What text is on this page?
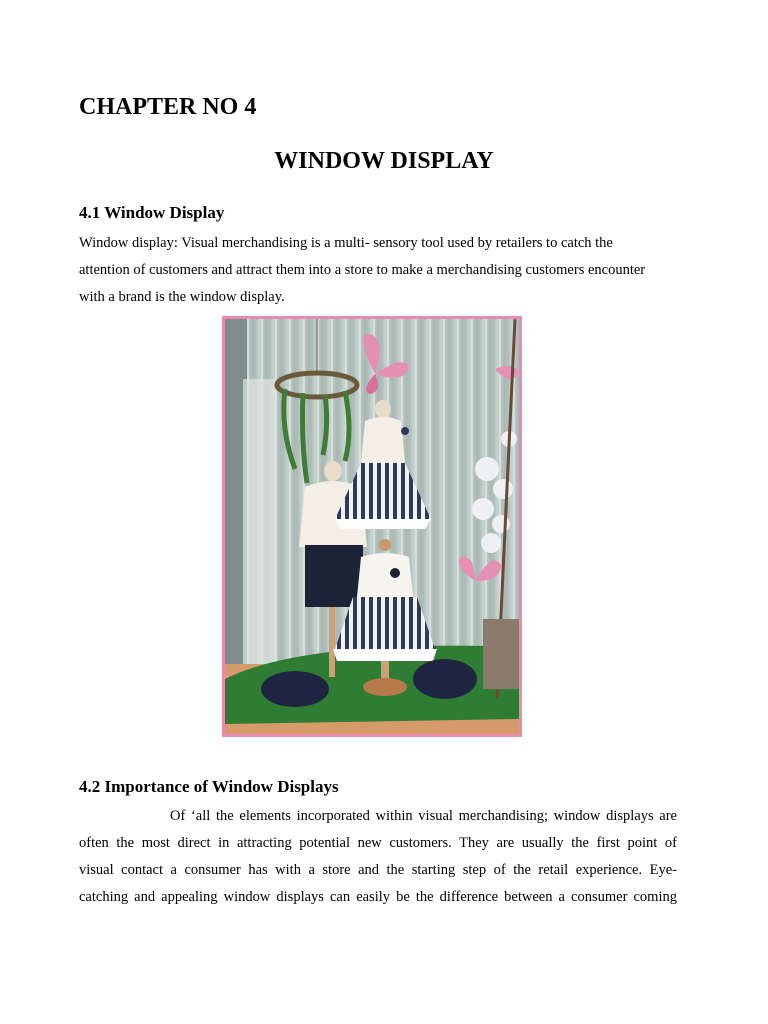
CHAPTER NO 4
WINDOW DISPLAY
4.1 Window Display
Window display: Visual merchandising is a multi- sensory tool used by retailers to catch the
attention of customers and attract them into a store to make a merchandising customers encounter
with a brand is the window display.
4.2 Importance of Window Displays
Of ‘all the elements incorporated within visual merchandising; window displays are
often the most direct in attracting potential new customers. They are usually the first point of
visual contact a consumer has with a store and the starting step of the retail experience. Eye-
catching and appealing window displays can easily be the difference between a consumer coming
